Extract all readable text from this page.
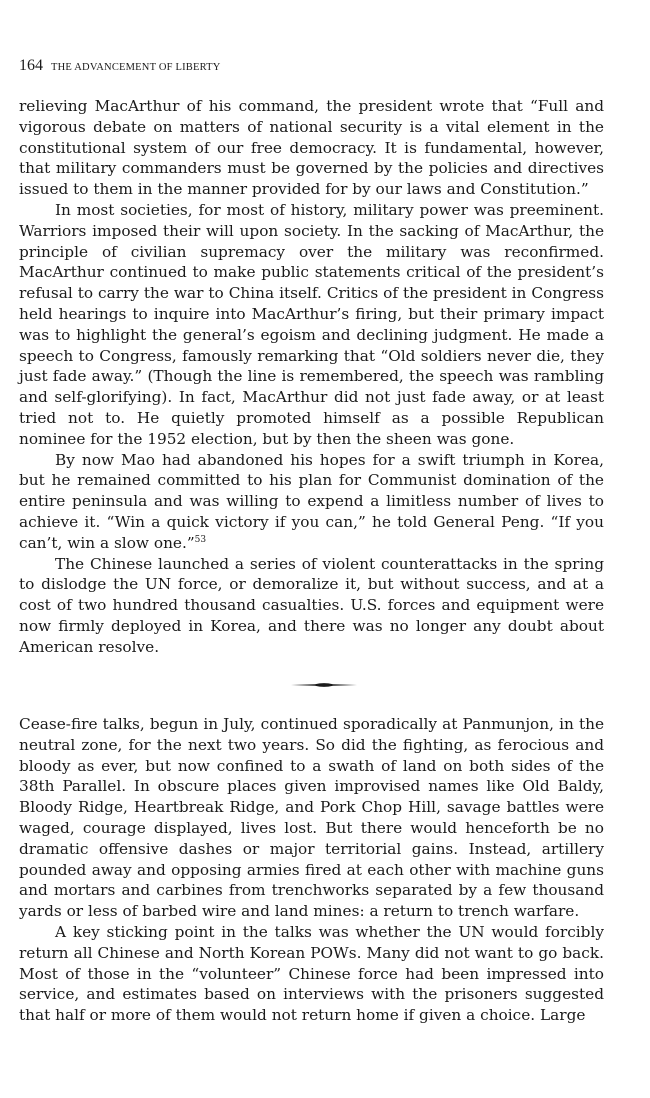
164 THE ADVANCEMENT OF LIBERTY

relieving MacArthur of his command, the president wrote that “Full and vigorous debate on matters of national security is a vital element in the constitutional system of our free democracy. It is fundamental, however, that military commanders must be governed by the policies and directives issued to them in the manner provided for by our laws and Constitution.”

In most societies, for most of history, military power was preeminent. Warriors imposed their will upon society. In the sacking of MacArthur, the principle of civilian supremacy over the military was reconfirmed. MacArthur continued to make public statements critical of the president’s refusal to carry the war to China itself. Critics of the president in Congress held hearings to inquire into MacArthur’s firing, but their primary impact was to highlight the general’s egoism and declining judgment. He made a speech to Congress, famously remarking that “Old soldiers never die, they just fade away.” (Though the line is remembered, the speech was rambling and self-glorifying). In fact, MacArthur did not just fade away, or at least tried not to. He quietly promoted himself as a possible Republican nominee for the 1952 election, but by then the sheen was gone.

By now Mao had abandoned his hopes for a swift triumph in Korea, but he remained committed to his plan for Communist domination of the entire peninsula and was willing to expend a limitless number of lives to achieve it. “Win a quick victory if you can,” he told General Peng. “If you can’t, win a slow one.”$^{53}$

The Chinese launched a series of violent counterattacks in the spring to dislodge the UN force, or demoralize it, but without success, and at a cost of two hundred thousand casualties. U.S. forces and equipment were now firmly deployed in Korea, and there was no longer any doubt about American resolve.

Cease-fire talks, begun in July, continued sporadically at Panmunjon, in the neutral zone, for the next two years. So did the fighting, as ferocious and bloody as ever, but now confined to a swath of land on both sides of the 38th Parallel. In obscure places given improvised names like Old Baldy, Bloody Ridge, Heartbreak Ridge, and Pork Chop Hill, savage battles were waged, courage displayed, lives lost. But there would henceforth be no dramatic offensive dashes or major territorial gains. Instead, artillery pounded away and opposing armies fired at each other with machine guns and mortars and carbines from trenchworks separated by a few thousand yards or less of barbed wire and land mines: a return to trench warfare.

A key sticking point in the talks was whether the UN would forcibly return all Chinese and North Korean POWs. Many did not want to go back. Most of those in the “volunteer” Chinese force had been impressed into service, and estimates based on interviews with the prisoners suggested that half or more of them would not return home if given a choice. Large
